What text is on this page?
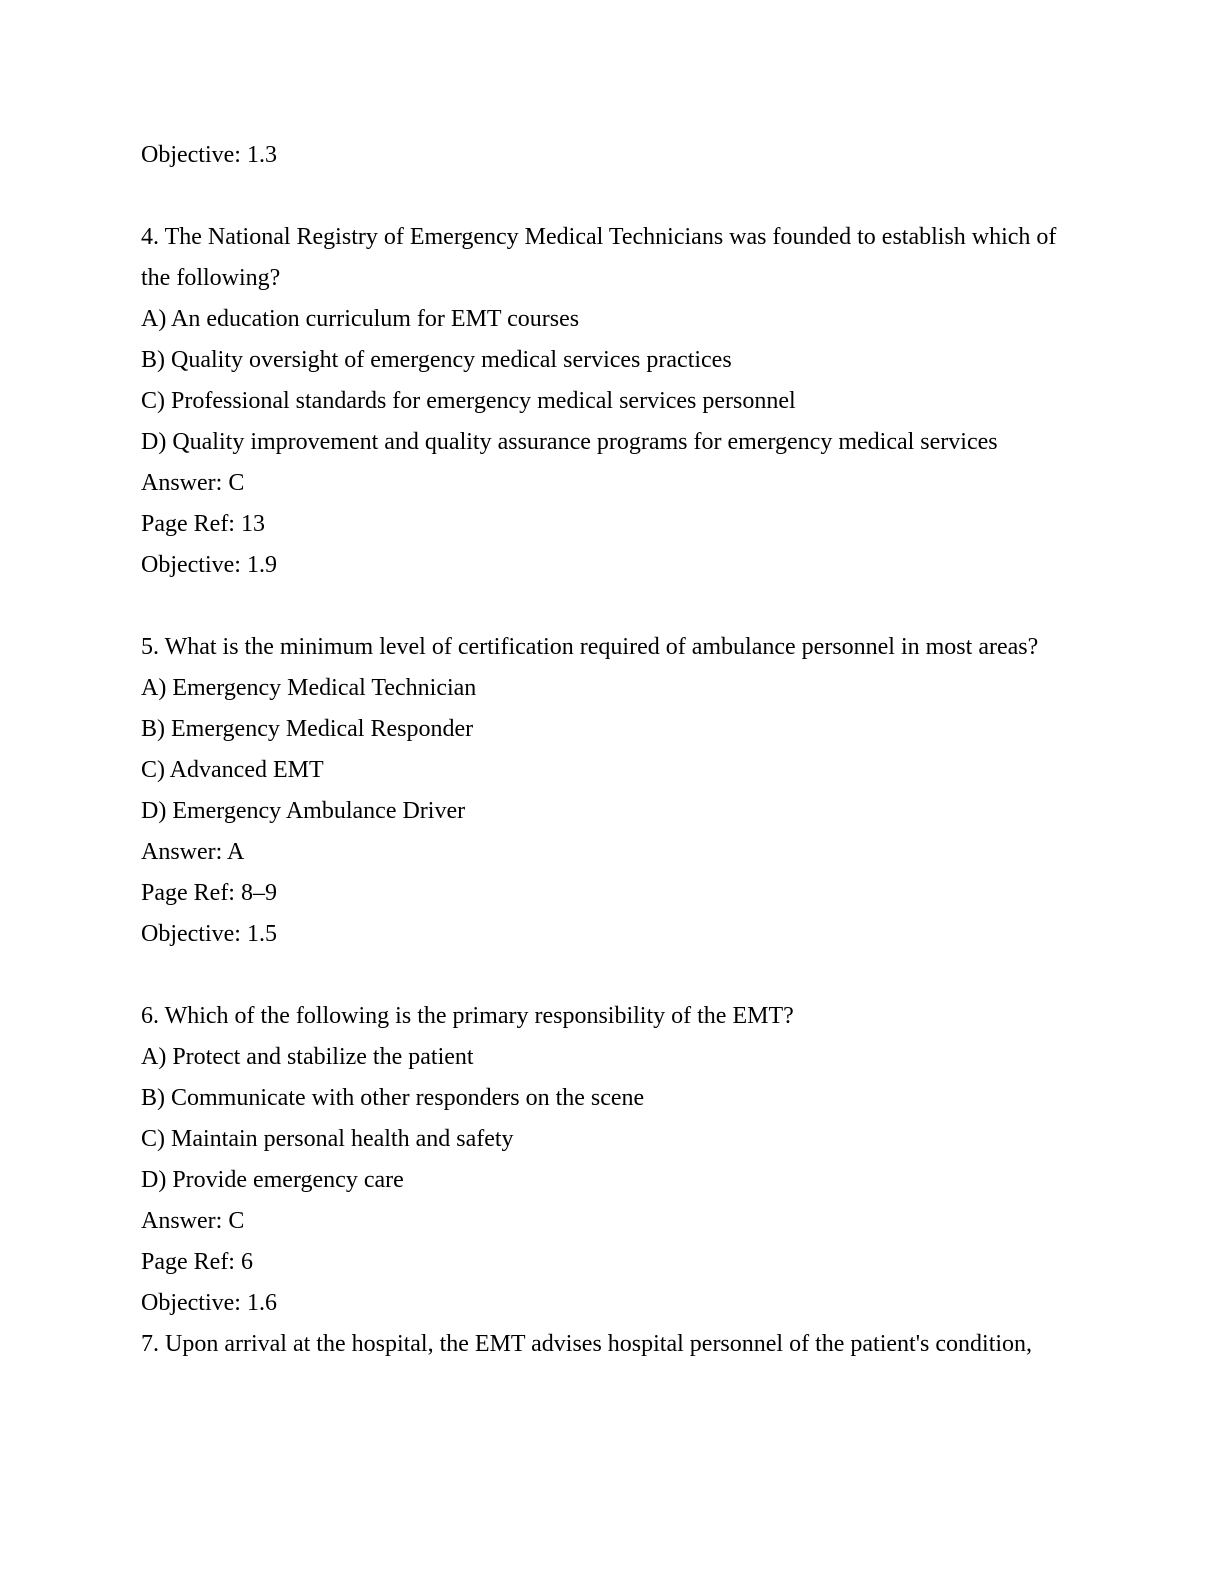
Objective: 1.3

4. The National Registry of Emergency Medical Technicians was founded to establish which of the following?

A) An education curriculum for EMT courses

B) Quality oversight of emergency medical services practices

C) Professional standards for emergency medical services personnel

D) Quality improvement and quality assurance programs for emergency medical services

Answer: C

Page Ref: 13

Objective: 1.9

5. What is the minimum level of certification required of ambulance personnel in most areas?

A) Emergency Medical Technician

B) Emergency Medical Responder

C) Advanced EMT

D) Emergency Ambulance Driver

Answer: A

Page Ref: 8–9

Objective: 1.5

6. Which of the following is the primary responsibility of the EMT?

A) Protect and stabilize the patient

B) Communicate with other responders on the scene

C) Maintain personal health and safety

D) Provide emergency care

Answer: C

Page Ref: 6

Objective: 1.6

7. Upon arrival at the hospital, the EMT advises hospital personnel of the patient's condition,
